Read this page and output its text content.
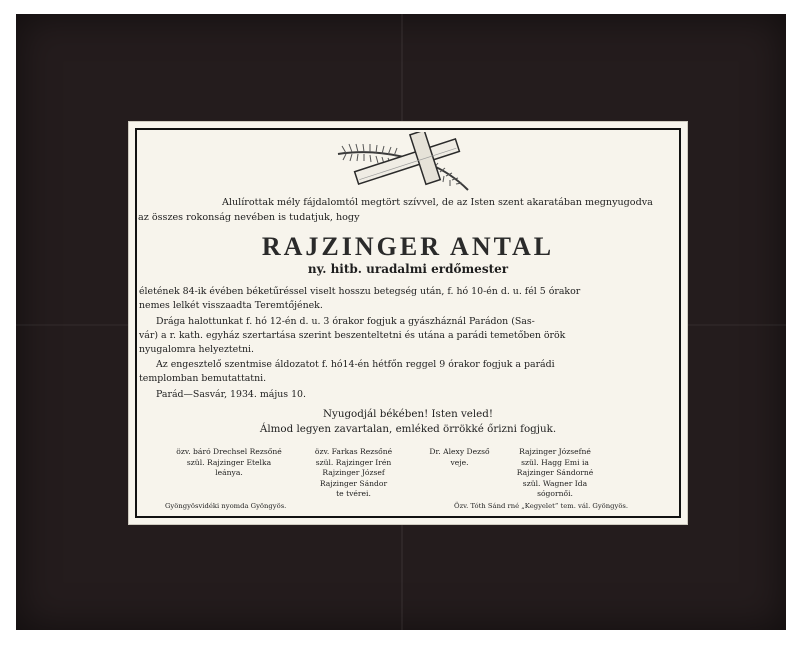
Alulírottak mély fájdalomtól megtört szívvel, de az Isten szent akaratában megnyugodva

az összes rokonság nevében is tudatjuk, hogy

RAJZINGER ANTAL

ny. hitb. uradalmi erdőmester

életének 84-ik évében béketűréssel viselt hosszu betegség után, f. hó 10-én d. u. fél 5 órakor

nemes lelkét visszaadta Teremtőjének.

Drága halottunkat f. hó 12-én d. u. 3 órakor fogjuk a gyászháznál Parádon (Sas-

vár) a r. kath. egyház szertartása szerint beszenteltetni és utána a parádi temetőben örök

nyugalomra helyeztetni.

Az engesztelő szentmise áldozatot f. hó14-én hétfőn reggel 9 órakor fogjuk a parádi

templomban bemutattatni.

Parád—Sasvár, 1934. május 10.

Nyugodjál békében! Isten veled!

Álmod legyen zavartalan, emléked örrökké őrizni fogjuk.

özv. báró Drechsel Rezsőné
szül. Rajzinger Etelka
leánya.

özv. Farkas Rezsőné
szül. Rajzinger Irén
Rajzinger József
Rajzinger Sándor
te tvérei.

Dr. Alexy Dezső
veje.

Rajzinger Józsefné
szül. Hagg Emi ia
Rajzinger Sándorné
szül. Wagner Ida
sógornői.

Gyöngyösvidéki nyomda Gyöngyös.	Özv. Tóth Sánd rné „Kegyelet” tem. vál. Gyöngyös.
